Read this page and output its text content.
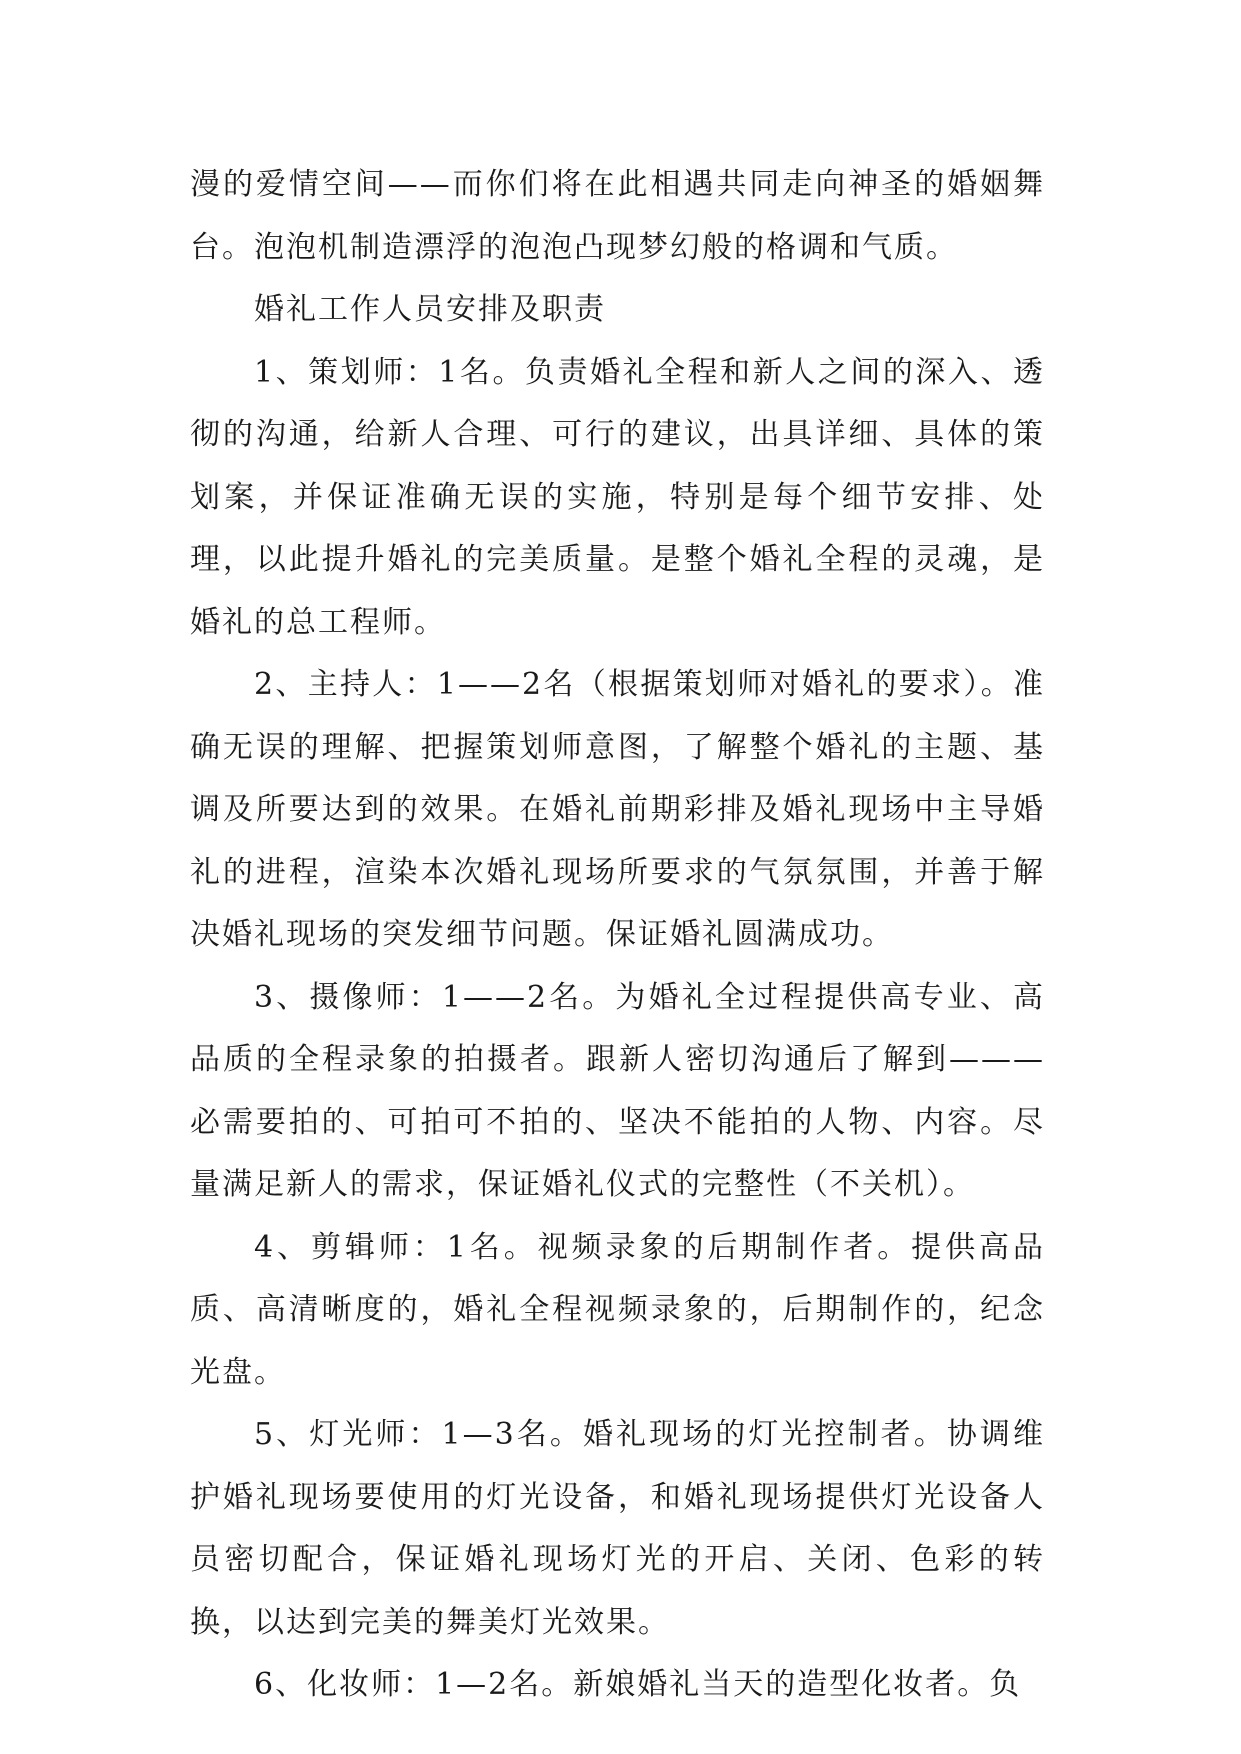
漫的爱情空间——而你们将在此相遇共同走向神圣的婚姻舞台。泡泡机制造漂浮的泡泡凸现梦幻般的格调和气质。

婚礼工作人员安排及职责

1、策划师：1名。负责婚礼全程和新人之间的深入、透彻的沟通，给新人合理、可行的建议，出具详细、具体的策划案，并保证准确无误的实施，特别是每个细节安排、处理，以此提升婚礼的完美质量。是整个婚礼全程的灵魂，是婚礼的总工程师。

2、主持人：1——2名（根据策划师对婚礼的要求）。准确无误的理解、把握策划师意图，了解整个婚礼的主题、基调及所要达到的效果。在婚礼前期彩排及婚礼现场中主导婚礼的进程，渲染本次婚礼现场所要求的气氛氛围，并善于解决婚礼现场的突发细节问题。保证婚礼圆满成功。

3、摄像师：1——2名。为婚礼全过程提供高专业、高品质的全程录象的拍摄者。跟新人密切沟通后了解到———必需要拍的、可拍可不拍的、坚决不能拍的人物、内容。尽量满足新人的需求，保证婚礼仪式的完整性（不关机）。

4、剪辑师：1名。视频录象的后期制作者。提供高品质、高清晰度的，婚礼全程视频录象的，后期制作的，纪念光盘。

5、灯光师：1—3名。婚礼现场的灯光控制者。协调维护婚礼现场要使用的灯光设备，和婚礼现场提供灯光设备人员密切配合，保证婚礼现场灯光的开启、关闭、色彩的转换，以达到完美的舞美灯光效果。

6、化妆师：1—2名。新娘婚礼当天的造型化妆者。负
